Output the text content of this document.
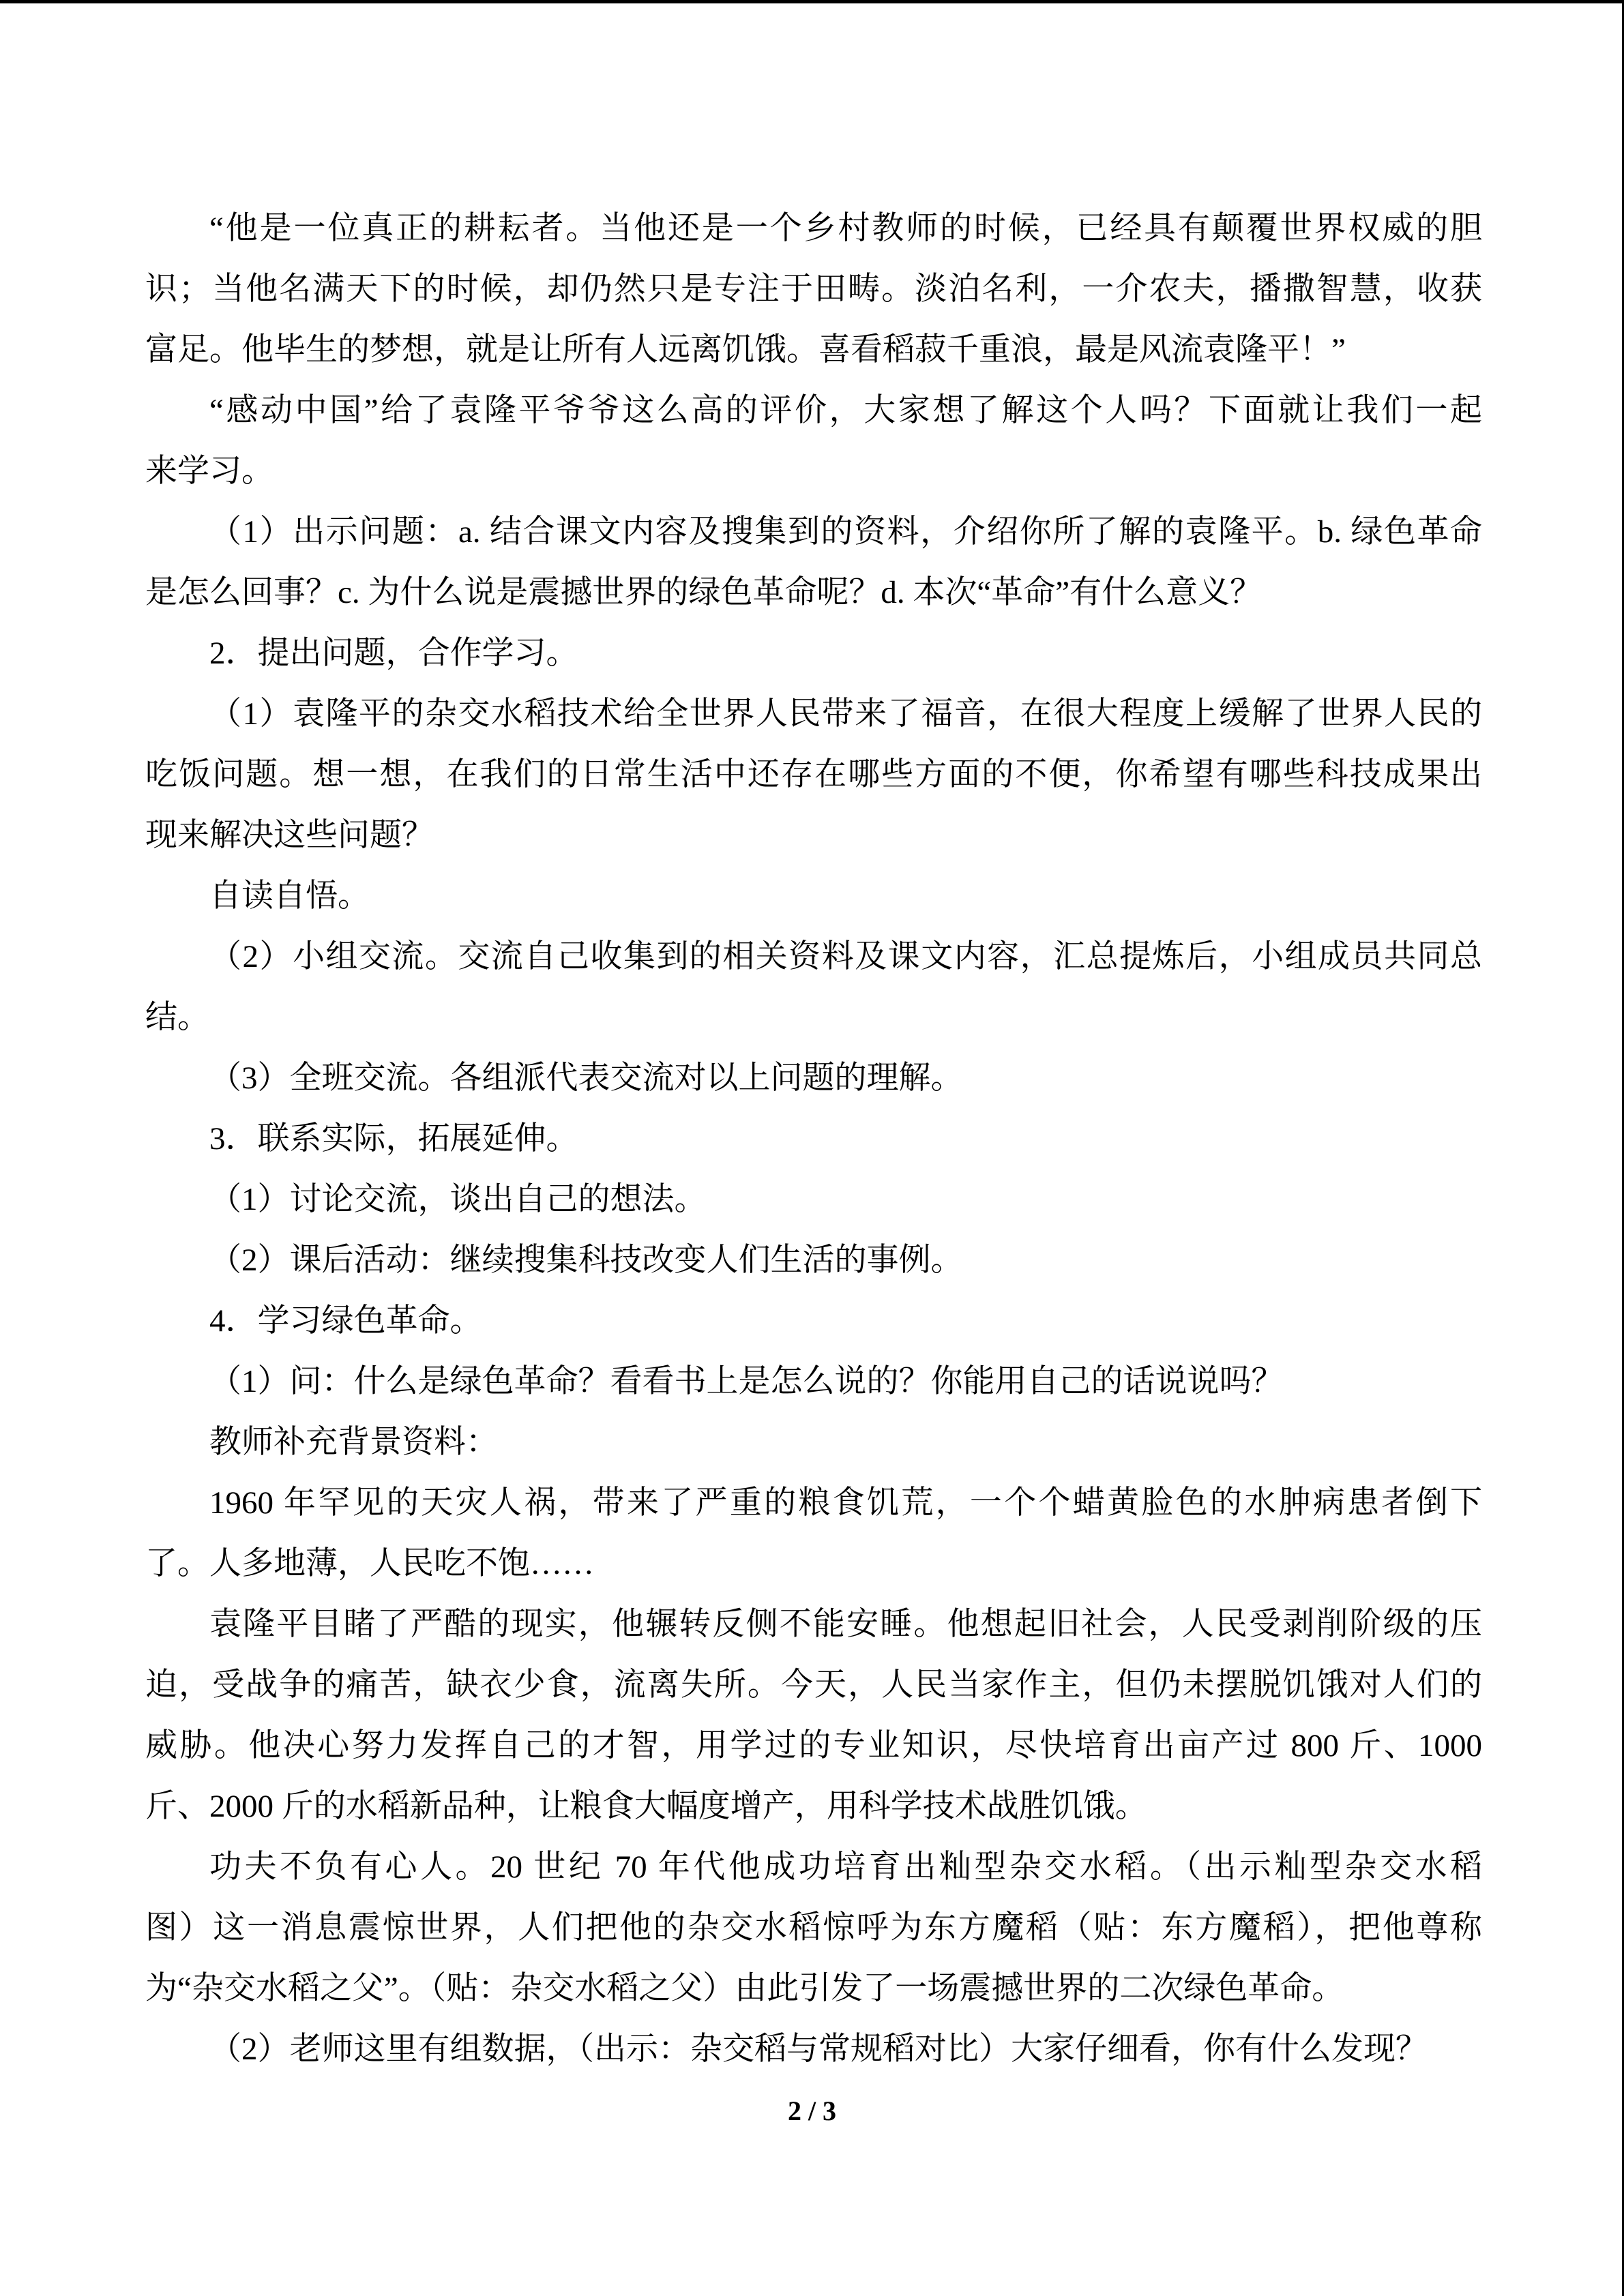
“他是一位真正的耕耘者。当他还是一个乡村教师的时候，已经具有颠覆世界权威的胆
识；当他名满天下的时候，却仍然只是专注于田畴。淡泊名利，一介农夫，播撒智慧，收获
富足。他毕生的梦想，就是让所有人远离饥饿。喜看稻菽千重浪，最是风流袁隆平！”
“感动中国”给了袁隆平爷爷这么高的评价，大家想了解这个人吗？下面就让我们一起
来学习。
（1）出示问题：a. 结合课文内容及搜集到的资料，介绍你所了解的袁隆平。b. 绿色革命
是怎么回事？c. 为什么说是震撼世界的绿色革命呢？d. 本次“革命”有什么意义？
2．提出问题，合作学习。
（1）袁隆平的杂交水稻技术给全世界人民带来了福音，在很大程度上缓解了世界人民的
吃饭问题。想一想，在我们的日常生活中还存在哪些方面的不便，你希望有哪些科技成果出
现来解决这些问题？
自读自悟。
（2）小组交流。交流自己收集到的相关资料及课文内容，汇总提炼后，小组成员共同总
结。
（3）全班交流。各组派代表交流对以上问题的理解。
3．联系实际，拓展延伸。
（1）讨论交流，谈出自己的想法。
（2）课后活动：继续搜集科技改变人们生活的事例。
4．学习绿色革命。
（1）问：什么是绿色革命？看看书上是怎么说的？你能用自己的话说说吗？
教师补充背景资料：
1960 年罕见的天灾人祸，带来了严重的粮食饥荒，一个个蜡黄脸色的水肿病患者倒下
了。人多地薄，人民吃不饱……
袁隆平目睹了严酷的现实，他辗转反侧不能安睡。他想起旧社会，人民受剥削阶级的压
迫，受战争的痛苦，缺衣少食，流离失所。今天，人民当家作主，但仍未摆脱饥饿对人们的
威胁。他决心努力发挥自己的才智，用学过的专业知识，尽快培育出亩产过 800 斤、1000
斤、2000 斤的水稻新品种，让粮食大幅度增产，用科学技术战胜饥饿。
功夫不负有心人。20 世纪 70 年代他成功培育出籼型杂交水稻。（出示籼型杂交水稻
图）这一消息震惊世界，人们把他的杂交水稻惊呼为东方魔稻（贴：东方魔稻），把他尊称
为“杂交水稻之父”。（贴：杂交水稻之父）由此引发了一场震撼世界的二次绿色革命。
（2）老师这里有组数据，（出示：杂交稻与常规稻对比）大家仔细看，你有什么发现？
2 / 3
